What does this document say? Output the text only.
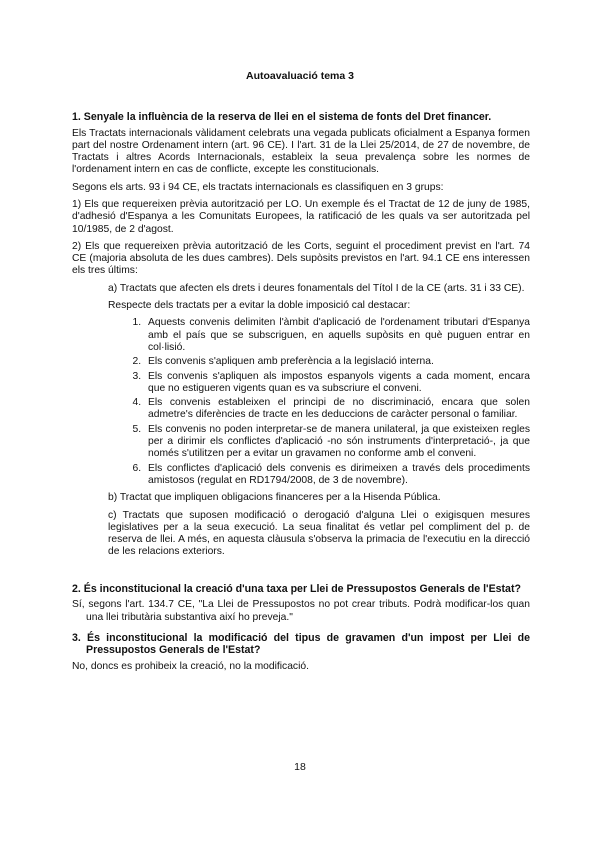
Autoavaluació tema 3
1. Senyale la influència de la reserva de llei en el sistema de fonts del Dret financer.

Els Tractats internacionals vàlidament celebrats una vegada publicats oficialment a Espanya formen part del nostre Ordenament intern (art. 96 CE). I l'art. 31 de la Llei 25/2014, de 27 de novembre, de Tractats i altres Acords Internacionals, estableix la seua prevalença sobre les normes de l'ordenament intern en cas de conflicte, excepte les constitucionals.

Segons els arts. 93 i 94 CE, els tractats internacionals es classifiquen en 3 grups:

1) Els que requereixen prèvia autorització per LO. Un exemple és el Tractat de 12 de juny de 1985, d'adhesió d'Espanya a les Comunitats Europees, la ratificació de les quals va ser autoritzada pel 10/1985, de 2 d'agost.

2) Els que requereixen prèvia autorització de les Corts, seguint el procediment previst en l'art. 74 CE (majoria absoluta de les dues cambres). Dels supòsits previstos en l'art. 94.1 CE ens interessen els tres últims:

a) Tractats que afecten els drets i deures fonamentals del Títol I de la CE (arts. 31 i 33 CE).

Respecte dels tractats per a evitar la doble imposició cal destacar:

1. Aquests convenis delimiten l'àmbit d'aplicació de l'ordenament tributari d'Espanya amb el país que se subscriguen, en aquells supòsits en què puguen entrar en col·lisió.
2. Els convenis s'apliquen amb preferència a la legislació interna.
3. Els convenis s'apliquen als impostos espanyols vigents a cada moment, encara que no estigueren vigents quan es va subscriure el conveni.
4. Els convenis estableixen el principi de no discriminació, encara que solen admetre's diferències de tracte en les deduccions de caràcter personal o familiar.
5. Els convenis no poden interpretar-se de manera unilateral, ja que existeixen regles per a dirimir els conflictes d'aplicació -no són instruments d'interpretació-, ja que només s'utilitzen per a evitar un gravamen no conforme amb el conveni.
6. Els conflictes d'aplicació dels convenis es dirimeixen a través dels procediments amistosos (regulat en RD1794/2008, de 3 de novembre).

b) Tractat que impliquen obligacions financeres per a la Hisenda Pública.

c) Tractats que suposen modificació o derogació d'alguna Llei o exigisquen mesures legislatives per a la seua execució. La seua finalitat és vetlar pel compliment del p. de reserva de llei. A més, en aquesta clàusula s'observa la primacia de l'executiu en la direcció de les relacions exteriors.

2. És inconstitucional la creació d'una taxa per Llei de Pressupostos Generals de l'Estat?

Sí, segons l'art. 134.7 CE, "La Llei de Pressupostos no pot crear tributs. Podrà modificar-los quan una llei tributària substantiva així ho preveja."

3. És inconstitucional la modificació del tipus de gravamen d'un impost per Llei de Pressupostos Generals de l'Estat?

No, doncs es prohibeix la creació, no la modificació.

18
